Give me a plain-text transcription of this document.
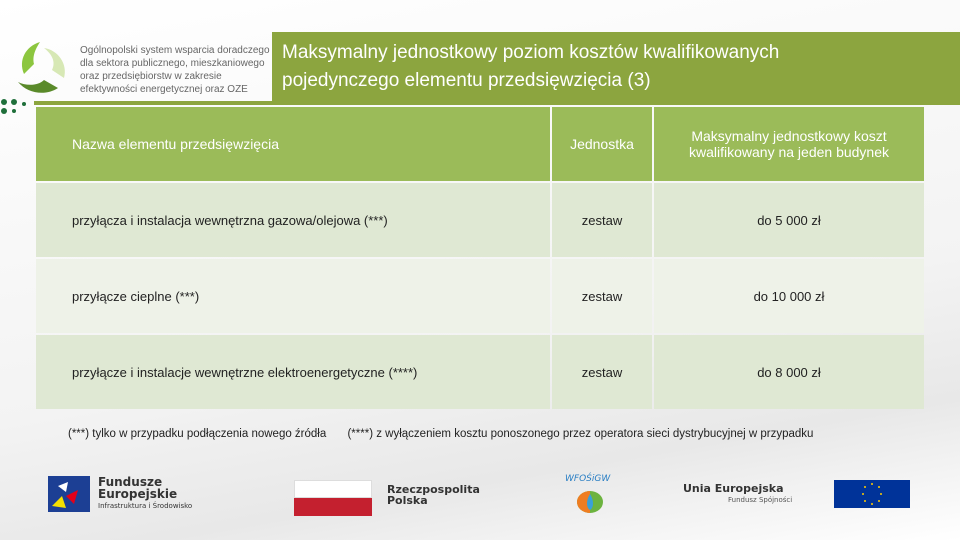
Ogólnopolski system wsparcia doradczego dla sektora publicznego, mieszkaniowego oraz przedsiębiorstw w zakresie efektywności energetycznej oraz OZE
Maksymalny jednostkowy poziom kosztów kwalifikowanych
pojedynczego elementu przedsięwzięcia (3)
Nazwa elementu przedsięwzięcia	Jednostka	Maksymalny jednostkowy koszt kwalifikowany na jeden budynek
przyłącza i instalacja wewnętrzna gazowa/olejowa (***)	zestaw	do 5 000 zł
przyłącze cieplne (***)	zestaw	do 10 000 zł
przyłącze i instalacje wewnętrzne elektroenergetyczne (****)	zestaw	do 8 000 zł
(***) tylko w przypadku podłączenia nowego źródła (****) z wyłączeniem kosztu ponoszonego przez operatora sieci dystrybucyjnej w przypadku
Fundusze
Europejskie
Infrastruktura i Środowisko
Rzeczpospolita
Polska
WFOŚiGW
Unia Europejska
Fundusz Spójności
